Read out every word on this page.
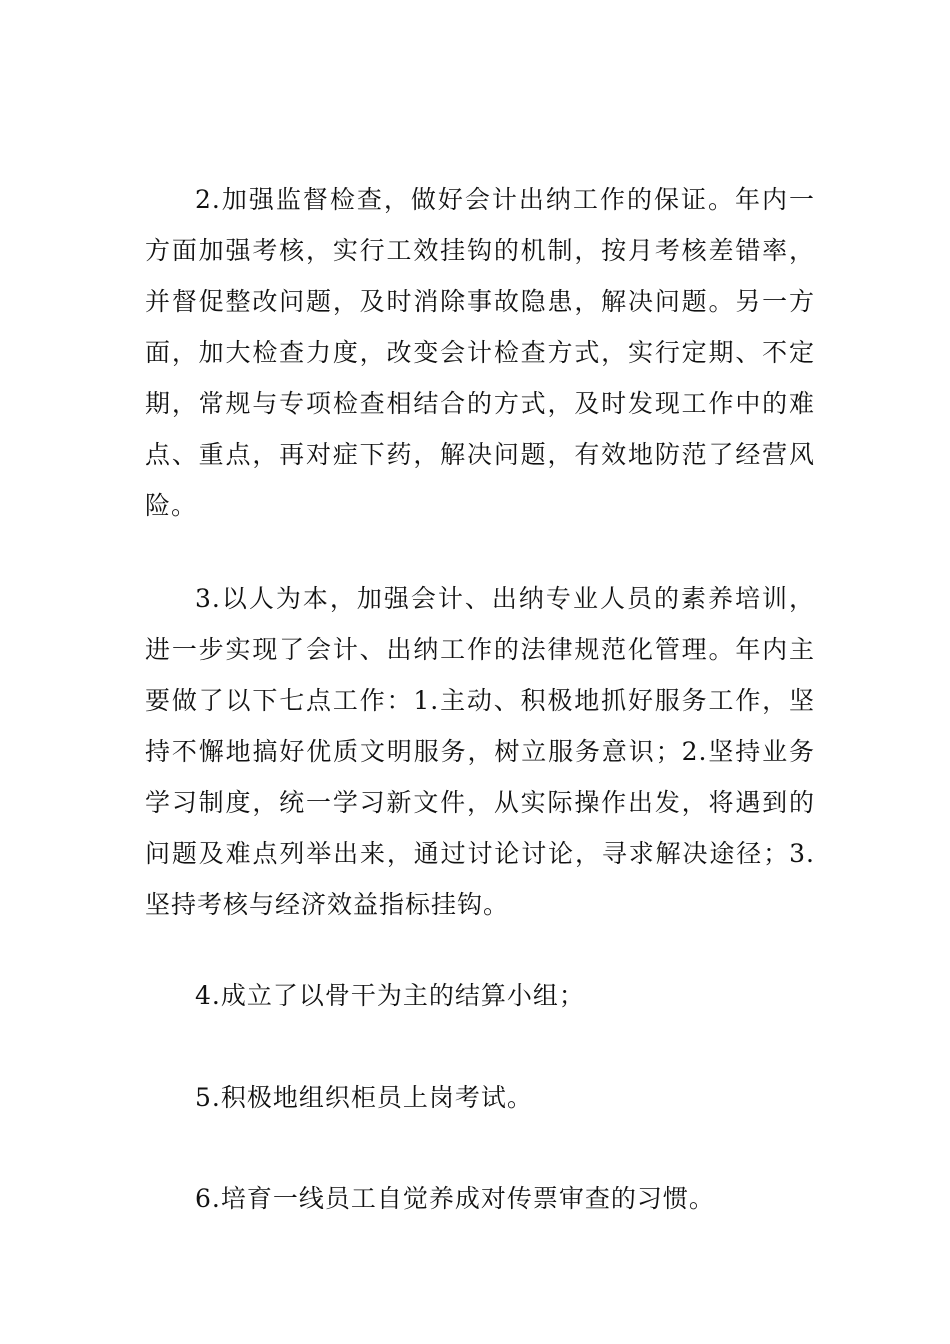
2.加强监督检查，做好会计出纳工作的保证。年内一方面加强考核，实行工效挂钩的机制，按月考核差错率，并督促整改问题，及时消除事故隐患，解决问题。另一方面，加大检查力度，改变会计检查方式，实行定期、不定期，常规与专项检查相结合的方式，及时发现工作中的难点、重点，再对症下药，解决问题，有效地防范了经营风险。

3.以人为本，加强会计、出纳专业人员的素养培训，进一步实现了会计、出纳工作的法律规范化管理。年内主要做了以下七点工作：1.主动、积极地抓好服务工作，坚持不懈地搞好优质文明服务，树立服务意识；2.坚持业务学习制度，统一学习新文件，从实际操作出发，将遇到的问题及难点列举出来，通过讨论讨论，寻求解决途径；3.坚持考核与经济效益指标挂钩。

4.成立了以骨干为主的结算小组；

5.积极地组织柜员上岗考试。

6.培育一线员工自觉养成对传票审查的习惯。
